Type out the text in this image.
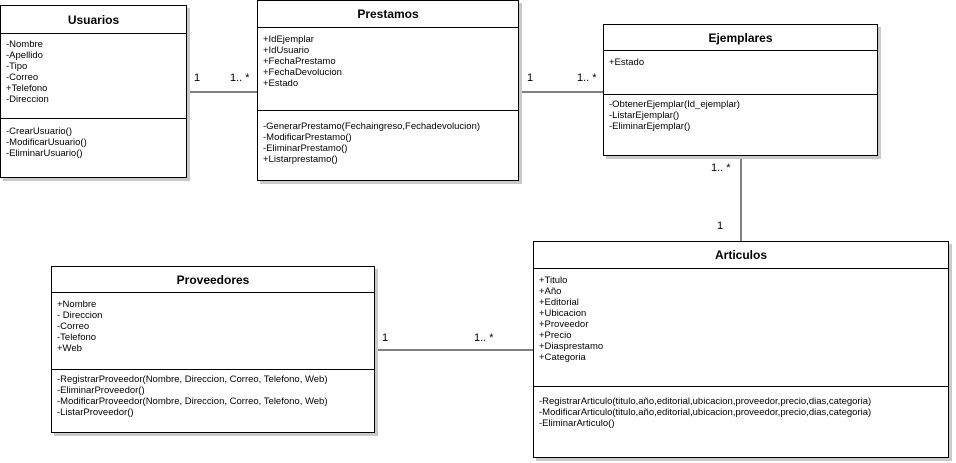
Usuarios
-Nombre
-Apellido
-Tipo
-Correo
+Telefono
-Direccion
-CrearUsuario()
-ModificarUsuario()
-EliminarUsuario()
Prestamos
+IdEjemplar
+IdUsuario
+FechaPrestamo
+FechaDevolucion
+Estado
-GenerarPrestamo(Fechaingreso,Fechadevolucion)
-ModificarPrestamo()
-EliminarPrestamo()
+Listarprestamo()
Ejemplares
+Estado
-ObtenerEjemplar(Id_ejemplar)
-ListarEjemplar()
-EliminarEjemplar()
Articulos
+Titulo
+Año
+Editorial
+Ubicacion
+Proveedor
+Precio
+Diasprestamo
+Categoria
-RegistrarArticulo(titulo,año,editorial,ubicacion,proveedor,precio,dias,categoria)
-ModificarArticulo(titulo,año,editorial,ubicacion,proveedor,precio,dias,categoria)
-EliminarArticulo()
Proveedores
+Nombre
- Direccion
-Correo
-Telefono
+Web
-RegistrarProveedor(Nombre, Direccion, Correo, Telefono, Web)
-EliminarProveedor()
-ModificarProveedor(Nombre, Direccion, Correo, Telefono, Web)
-ListarProveedor()
1	1.. *	1	1.. *
1.. *
1
1	1.. *
